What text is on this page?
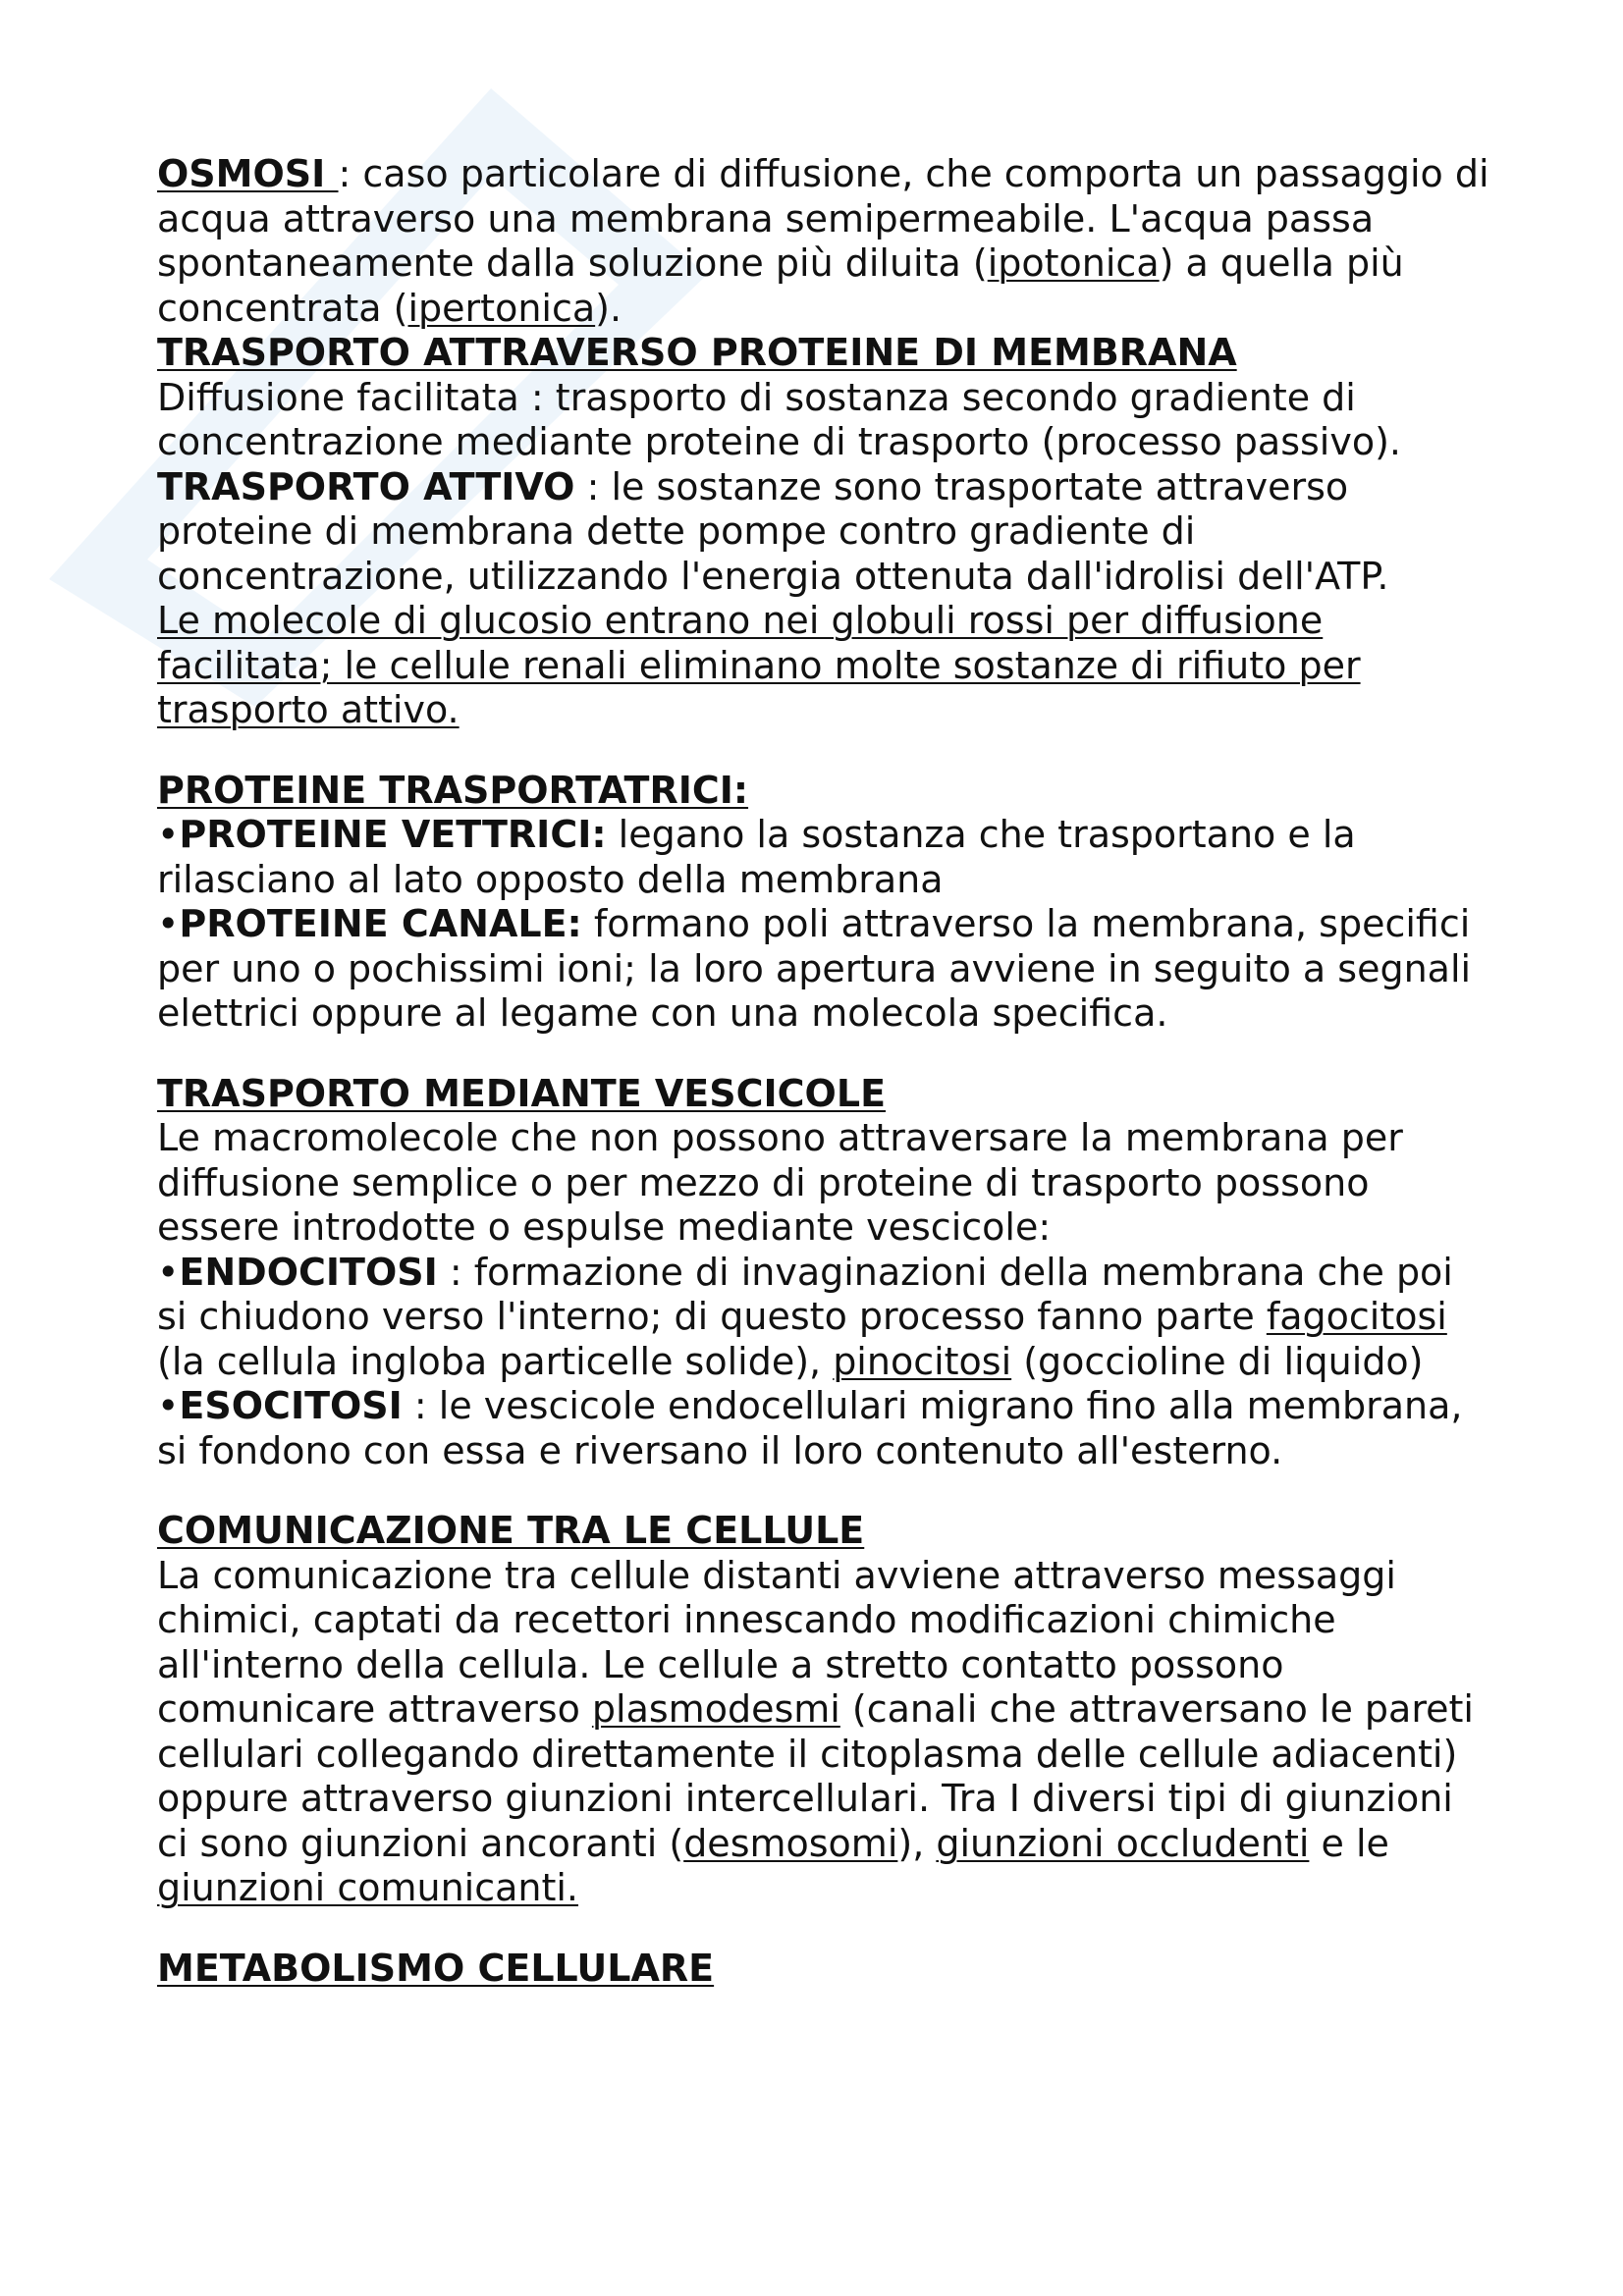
OSMOSI : caso particolare di diffusione, che comporta un passaggio di acqua attraverso una membrana semipermeabile. L'acqua passa spontaneamente dalla soluzione più diluita (ipotonica) a quella più concentrata (ipertonica).

TRASPORTO ATTRAVERSO PROTEINE DI MEMBRANA

Diffusione facilitata : trasporto di sostanza secondo gradiente di concentrazione mediante proteine di trasporto (processo passivo).

TRASPORTO ATTIVO : le sostanze sono trasportate attraverso proteine di membrana dette pompe contro gradiente di concentrazione, utilizzando l'energia ottenuta dall'idrolisi dell'ATP.

Le molecole di glucosio entrano nei globuli rossi per diffusione facilitata; le cellule renali eliminano molte sostanze di rifiuto per trasporto attivo.

PROTEINE TRASPORTATRICI:

•PROTEINE VETTRICI: legano la sostanza che trasportano e la rilasciano al lato opposto della membrana

•PROTEINE CANALE: formano poli attraverso la membrana, specifici per uno o pochissimi ioni; la loro apertura avviene in seguito a segnali elettrici oppure al legame con una molecola specifica.

TRASPORTO MEDIANTE VESCICOLE

Le macromolecole che non possono attraversare la membrana per diffusione semplice o per mezzo di proteine di trasporto possono essere introdotte o espulse mediante vescicole:

•ENDOCITOSI : formazione di invaginazioni della membrana che poi si chiudono verso l'interno; di questo processo fanno parte fagocitosi (la cellula ingloba particelle solide), pinocitosi (goccioline di liquido)

•ESOCITOSI : le vescicole endocellulari migrano fino alla membrana, si fondono con essa e riversano il loro contenuto all'esterno.

COMUNICAZIONE TRA LE CELLULE

La comunicazione tra cellule distanti avviene attraverso messaggi chimici, captati da recettori innescando modificazioni chimiche all'interno della cellula. Le cellule a stretto contatto possono comunicare attraverso plasmodesmi (canali che attraversano le pareti cellulari collegando direttamente il citoplasma delle cellule adiacenti) oppure attraverso giunzioni intercellulari. Tra I diversi tipi di giunzioni ci sono giunzioni ancoranti (desmosomi), giunzioni occludenti e le giunzioni comunicanti.

METABOLISMO CELLULARE
